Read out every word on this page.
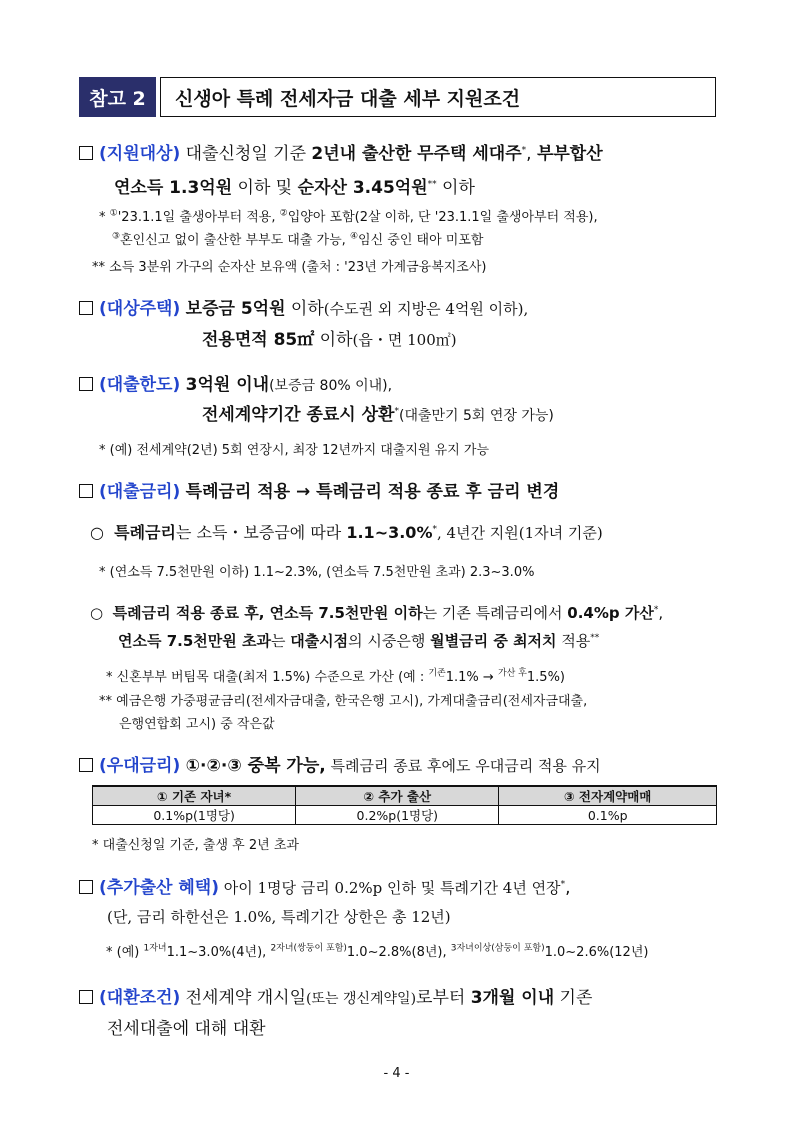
참고 2	신생아 특례 전세자금 대출 세부 지원조건
(지원대상) 대출신청일 기준 2년내 출산한 무주택 세대주*, 부부합산
연소득 1.3억원 이하 및 순자산 3.45억원** 이하
* ①'23.1.1일 출생아부터 적용, ②입양아 포함(2살 이하, 단 '23.1.1일 출생아부터 적용),
③혼인신고 없이 출산한 부부도 대출 가능, ④임신 중인 태아 미포함
** 소득 3분위 가구의 순자산 보유액 (출처 : '23년 가계금융복지조사)
(대상주택) 보증금 5억원 이하(수도권 외 지방은 4억원 이하),
전용면적 85㎡ 이하(읍・면 100㎡)
(대출한도) 3억원 이내(보증금 80% 이내),
전세계약기간 종료시 상환*(대출만기 5회 연장 가능)
* (예) 전세계약(2년) 5회 연장시, 최장 12년까지 대출지원 유지 가능
(대출금리) 특례금리 적용 → 특례금리 적용 종료 후 금리 변경
○ 특례금리는 소득・보증금에 따라 1.1~3.0%*, 4년간 지원(1자녀 기준)
* (연소득 7.5천만원 이하) 1.1~2.3%, (연소득 7.5천만원 초과) 2.3~3.0%
○ 특례금리 적용 종료 후, 연소득 7.5천만원 이하는 기존 특례금리에서 0.4%p 가산*,
연소득 7.5천만원 초과는 대출시점의 시중은행 월별금리 중 최저치 적용**
* 신혼부부 버팀목 대출(최저 1.5%) 수준으로 가산 (예 : $^{기존}$1.1% → $^{가산 후}$1.5%)
** 예금은행 가중평균금리(전세자금대출, 한국은행 고시), 가계대출금리(전세자금대출,
은행연합회 고시) 중 작은값
(우대금리) ①·②·③ 중복 가능, 특례금리 종료 후에도 우대금리 적용 유지
① 기존 자녀*	② 추가 출산	③ 전자계약매매
0.1%p(1명당)	0.2%p(1명당)	0.1%p
* 대출신청일 기준, 출생 후 2년 초과
(추가출산 혜택) 아이 1명당 금리 0.2%p 인하 및 특례기간 4년 연장*,
(단, 금리 하한선은 1.0%, 특례기간 상한은 총 12년)
* (예) $^{1자녀}$1.1~3.0%(4년), $^{2자녀(쌍둥이 포함)}$1.0~2.8%(8년), $^{3자녀이상(삼둥이 포함)}$1.0~2.6%(12년)
(대환조건) 전세계약 개시일(또는 갱신계약일)로부터 3개월 이내 기존
전세대출에 대해 대환
- 4 -
